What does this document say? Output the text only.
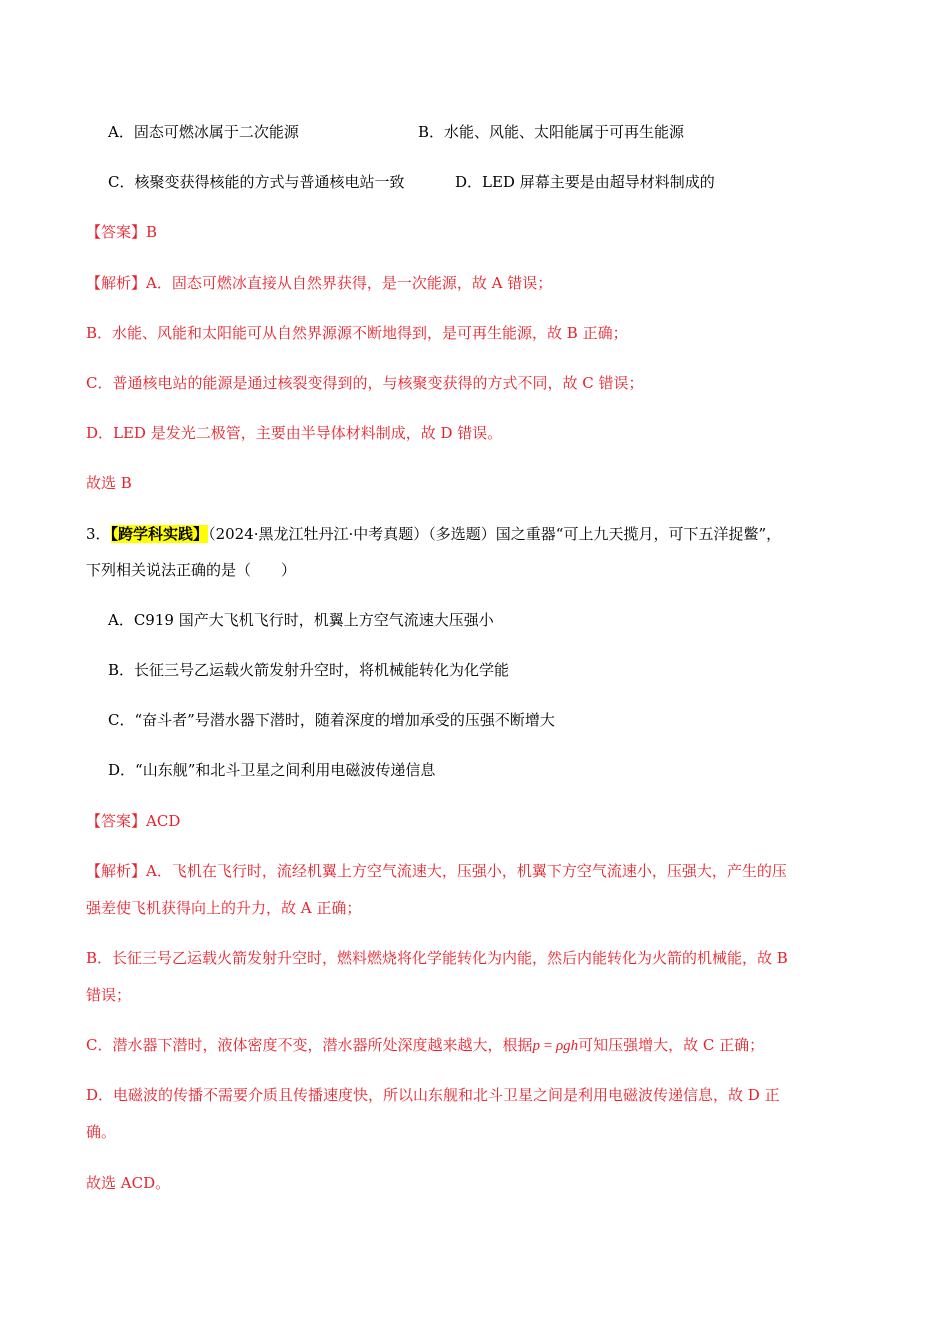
A．固态可燃冰属于二次能源	B．水能、风能、太阳能属于可再生能源
C．核聚变获得核能的方式与普通核电站一致	D．LED 屏幕主要是由超导材料制成的
【答案】B
【解析】A．固态可燃冰直接从自然界获得，是一次能源，故 A 错误；
B．水能、风能和太阳能可从自然界源源不断地得到，是可再生能源，故 B 正确；
C．普通核电站的能源是通过核裂变得到的，与核聚变获得的方式不同，故 C 错误；
D．LED 是发光二极管，主要由半导体材料制成，故 D 错误。
故选 B
3．【跨学科实践】（2024·黑龙江牡丹江·中考真题）（多选题）国之重器“可上九天揽月，可下五洋捉鳖”，
下列相关说法正确的是（　　）
A．C919 国产大飞机飞行时，机翼上方空气流速大压强小
B．长征三号乙运载火箭发射升空时，将机械能转化为化学能
C．“奋斗者”号潜水器下潜时，随着深度的增加承受的压强不断增大
D．“山东舰”和北斗卫星之间利用电磁波传递信息
【答案】ACD
【解析】A．飞机在飞行时，流经机翼上方空气流速大，压强小，机翼下方空气流速小，压强大，产生的压
强差使飞机获得向上的升力，故 A 正确；
B．长征三号乙运载火箭发射升空时，燃料燃烧将化学能转化为内能，然后内能转化为火箭的机械能，故 B
错误；
C．潜水器下潜时，液体密度不变，潜水器所处深度越来越大，根据p = ρgh可知压强增大，故 C 正确；
D．电磁波的传播不需要介质且传播速度快，所以山东舰和北斗卫星之间是利用电磁波传递信息，故 D 正
确。
故选 ACD。
